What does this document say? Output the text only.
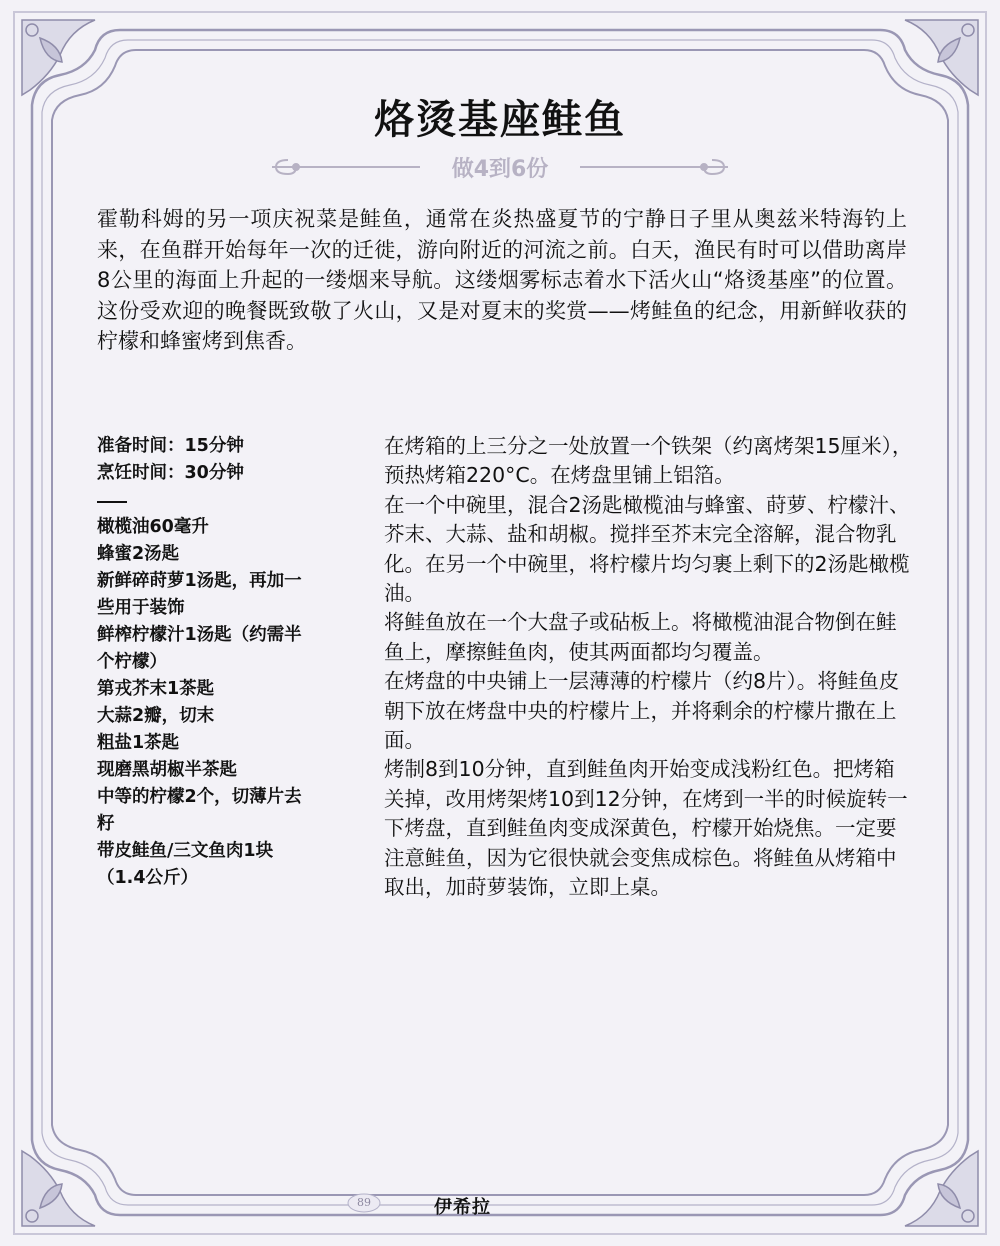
烙烫基座鲑鱼
做4到6份
霍勒科姆的另一项庆祝菜是鲑鱼，通常在炎热盛夏节的宁静日子里从奥兹米特海钓上来，在鱼群开始每年一次的迁徙，游向附近的河流之前。白天，渔民有时可以借助离岸8公里的海面上升起的一缕烟来导航。这缕烟雾标志着水下活火山“烙烫基座”的位置。这份受欢迎的晚餐既致敬了火山，又是对夏末的奖赏——烤鲑鱼的纪念，用新鲜收获的柠檬和蜂蜜烤到焦香。
准备时间：15分钟
烹饪时间：30分钟
橄榄油60毫升
蜂蜜2汤匙
新鲜碎莳萝1汤匙，再加一些用于装饰
鲜榨柠檬汁1汤匙（约需半个柠檬）
第戎芥末1茶匙
大蒜2瓣，切末
粗盐1茶匙
现磨黑胡椒半茶匙
中等的柠檬2个，切薄片去籽
带皮鲑鱼/三文鱼肉1块（1.4公斤）

在烤箱的上三分之一处放置一个铁架（约离烤架15厘米），预热烤箱220°C。在烤盘里铺上铝箔。

在一个中碗里，混合2汤匙橄榄油与蜂蜜、莳萝、柠檬汁、芥末、大蒜、盐和胡椒。搅拌至芥末完全溶解，混合物乳化。在另一个中碗里，将柠檬片均匀裹上剩下的2汤匙橄榄油。

将鲑鱼放在一个大盘子或砧板上。将橄榄油混合物倒在鲑鱼上，摩擦鲑鱼肉，使其两面都均匀覆盖。

在烤盘的中央铺上一层薄薄的柠檬片（约8片）。将鲑鱼皮朝下放在烤盘中央的柠檬片上，并将剩余的柠檬片撒在上面。

烤制8到10分钟，直到鲑鱼肉开始变成浅粉红色。把烤箱关掉，改用烤架烤10到12分钟，在烤到一半的时候旋转一下烤盘，直到鲑鱼肉变成深黄色，柠檬开始烧焦。一定要注意鲑鱼，因为它很快就会变焦成棕色。将鲑鱼从烤箱中取出，加莳萝装饰，立即上桌。

89	伊希拉
